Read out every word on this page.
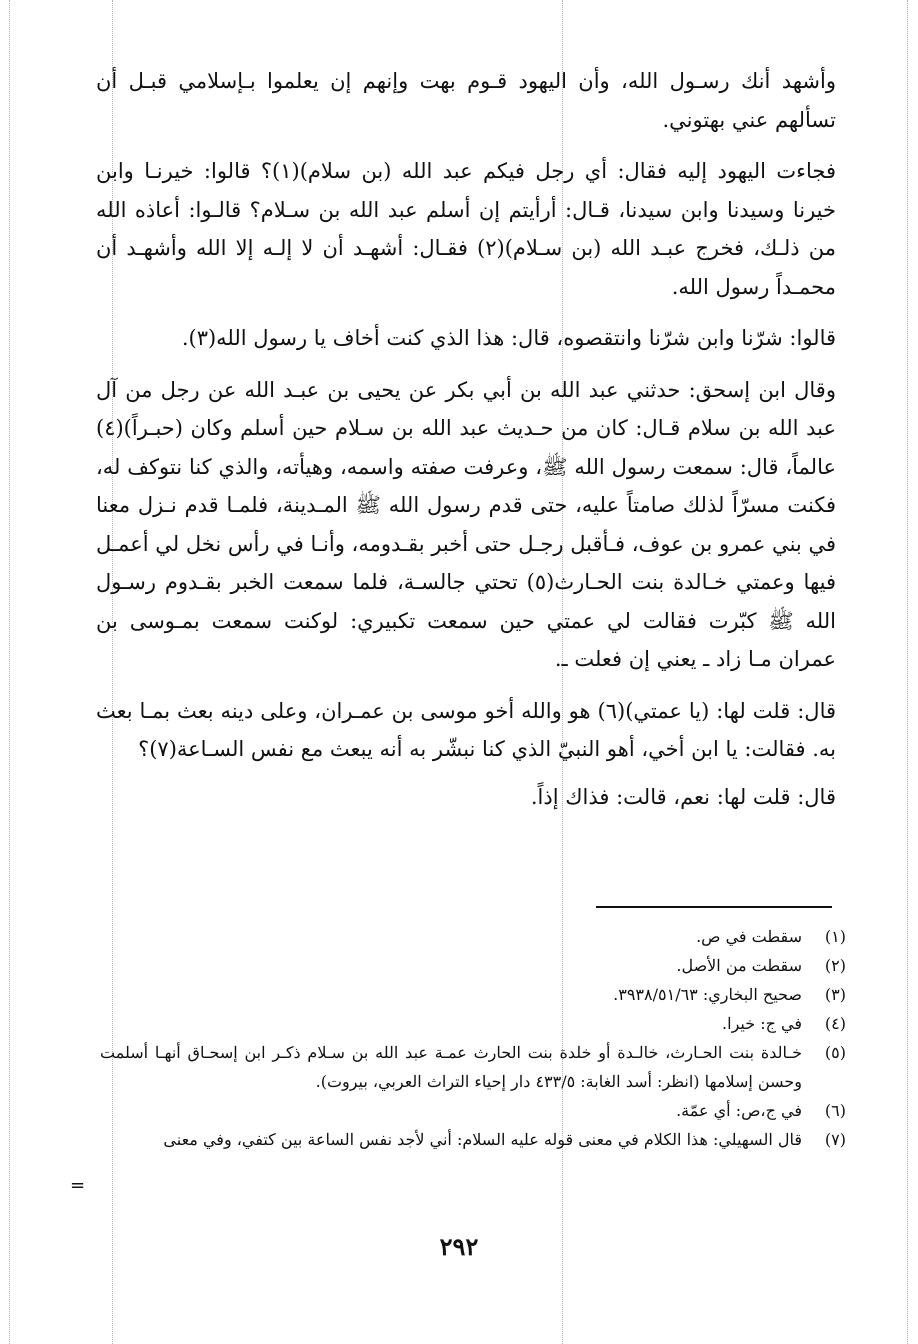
وأشهد أنك رسـول الله، وأن اليهود قـوم بهت وإنهم إن يعلموا بـإسلامي قبـل أن تسألهم عني بهتوني.

فجاءت اليهود إليه فقال: أي رجل فيكم عبد الله (بن سلام)(١)؟ قالوا: خيرنـا وابن خيرنا وسيدنا وابن سيدنا، قـال: أرأيتم إن أسلم عبد الله بن سـلام؟ قالـوا: أعاذه الله من ذلـك، فخرج عبـد الله (بن سـلام)(٢) فقـال: أشهـد أن لا إلـه إلا الله وأشهـد أن محمـداً رسول الله.

قالوا: شرّنا وابن شرّنا وانتقصوه، قال: هذا الذي كنت أخاف يا رسول الله(٣).

وقال ابن إسحق: حدثني عبد الله بن أبي بكر عن يحيى بن عبـد الله عن رجل من آل عبد الله بن سلام قـال: كان من حـديث عبد الله بن سـلام حين أسلم وكان (حبـراً)(٤) عالماً، قال: سمعت رسول الله ﷺ، وعرفت صفته واسمه، وهيأته، والذي كنا نتوكف له، فكنت مسرّاً لذلك صامتاً عليه، حتى قدم رسول الله ﷺ المـدينة، فلمـا قدم نـزل معنا في بني عمرو بن عوف، فـأقبل رجـل حتى أخبر بقـدومه، وأنـا في رأس نخل لي أعمـل فيها وعمتي خـالدة بنت الحـارث(٥) تحتي جالسـة، فلما سمعت الخبر بقـدوم رسـول الله ﷺ كبّرت فقالت لي عمتي حين سمعت تكبيري: لوكنت سمعت بمـوسى بن عمران مـا زاد ـ يعني إن فعلت ـ.

قال: قلت لها: (يا عمتي)(٦) هو والله أخو موسى بن عمـران، وعلى دينه بعث بمـا بعث به. فقالت: يا ابن أخي، أهو النبيّ الذي كنا نبشّر به أنه يبعث مع نفس السـاعة(٧)؟

قال: قلت لها: نعم، قالت: فذاك إذاً.

(١)
سقطت في ص.
(٢)
سقطت من الأصل.
(٣)
صحيح البخاري: ٣٩٣٨/٥١/٦٣.
(٤)
في ج: خيرا.
(٥)
خـالدة بنت الحـارث، خالـدة أو خلدة بنت الحارث عمـة عبد الله بن سـلام ذكـر ابن إسحـاق أنهـا أسلمت وحسن إسلامها (انظر: أسد الغابة: ٤٣٣/٥ دار إحياء التراث العربي، بيروت).
(٦)
في ج،ص: أي عمّة.
(٧)
قال السهيلي: هذا الكلام في معنى قوله عليه السلام: أني لأجد نفس الساعة بين كتفي، وفي معنى
=
٢٩٢
